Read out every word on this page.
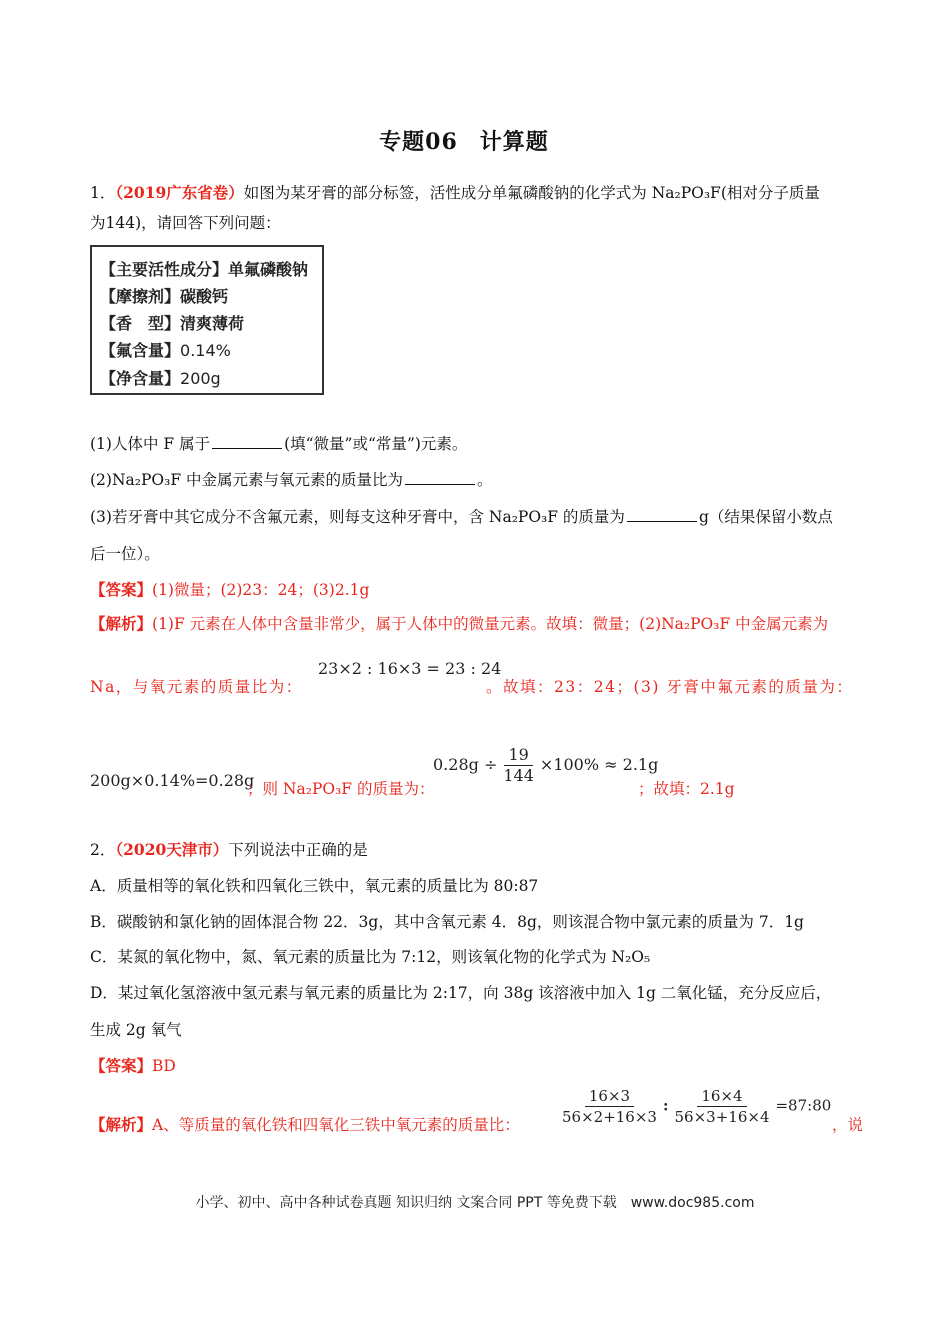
专题06 计算题
1．（2019广东省卷）如图为某牙膏的部分标签，活性成分单氟磷酸钠的化学式为 Na₂PO₃F(相对分子质量
为144)，请回答下列问题：
【主要活性成分】单氟磷酸钠
【摩擦剂】碳酸钙
【香　型】清爽薄荷
【氟含量】0.14%
【净含量】200g
(1)人体中 F 属于	(填“微量”或“常量”)元素。
(2)Na₂PO₃F 中金属元素与氧元素的质量比为	。
(3)若牙膏中其它成分不含氟元素，则每支这种牙膏中，含 Na₂PO₃F 的质量为	g（结果保留小数点
后一位）。
【答案】(1)微量；(2)23：24；(3)2.1g
【解析】(1)F 元素在人体中含量非常少，属于人体中的微量元素。故填：微量；(2)Na₂PO₃F 中金属元素为
Na，与氧元素的质量比为：
23×2 : 16×3 = 23 : 24
。故填：23：24；(3) 牙膏中氟元素的质量为：
200g×0.14%=0.28g
；则 Na₂PO₃F 的质量为：
$0.28g \div \frac{19}{144} \times 100\% \approx 2.1g$
；故填：2.1g
2．（2020天津市）下列说法中正确的是
A．质量相等的氧化铁和四氧化三铁中，氧元素的质量比为 80:87
B．碳酸钠和氯化钠的固体混合物 22．3g，其中含氧元素 4．8g，则该混合物中氯元素的质量为 7．1g
C．某氮的氧化物中，氮、氧元素的质量比为 7:12，则该氧化物的化学式为 N₂O₅
D．某过氧化氢溶液中氢元素与氧元素的质量比为 2:17，向 38g 该溶液中加入 1g 二氧化锰，充分反应后，
生成 2g 氧气
【答案】BD
【解析】A、等质量的氧化铁和四氧化三铁中氧元素的质量比：	$\frac{16\times 3}{56\times 2+16\times 3}$ : $\frac{16\times 4}{56\times 3+16\times 4}$ =87:80
，说
小学、初中、高中各种试卷真题 知识归纳 文案合同 PPT 等免费下载　www.doc985.com
